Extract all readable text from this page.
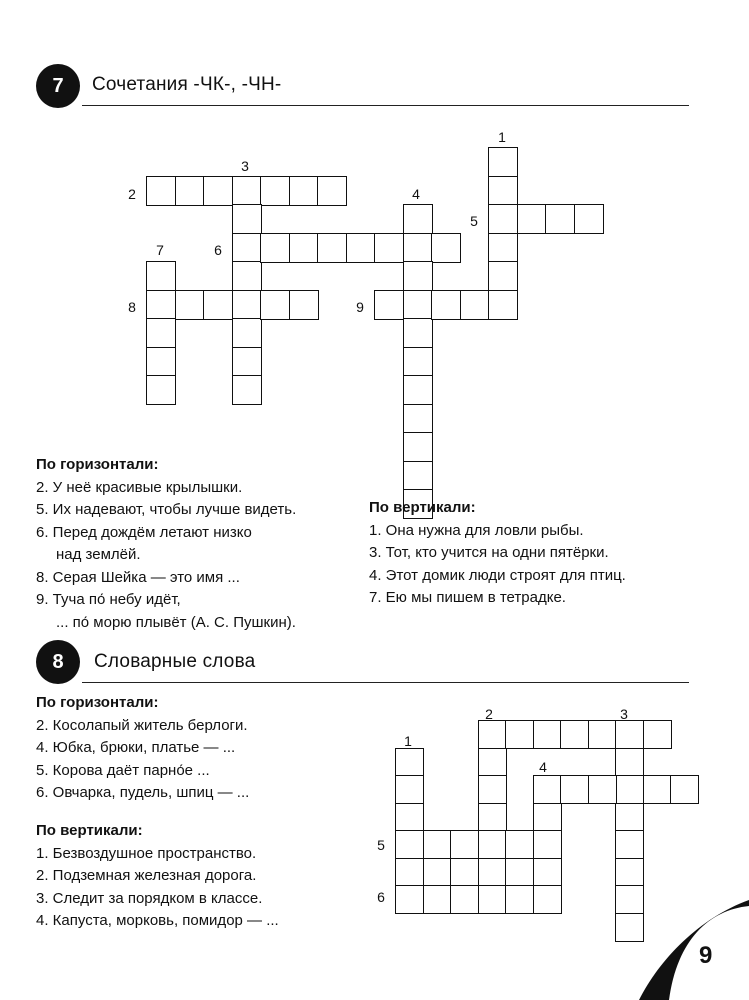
7 Сочетания -ЧК-, -ЧН-
1
2
3
4
5
6
7
8	9
По горизонтали:
2. У неё красивые крылышки.
5. Их надевают, чтобы лучше видеть.
6. Перед дождём летают низко
над землёй.
8. Серая Шейка — это имя ...
9. Туча по́ небу идёт,
... по́ морю плывёт (А. С. Пушкин).
По вертикали:
1. Она нужна для ловли рыбы.
3. Тот, кто учится на одни пятёрки.
4. Этот домик люди строят для птиц.
7. Ею мы пишем в тетрадке.
8 Словарные слова
1
2	3
4
5
6
По горизонтали:
2. Косолапый житель берлоги.
4. Юбка, брюки, платье — ...
5. Корова даёт парно́е ...
6. Овчарка, пудель, шпиц — ...
По вертикали:
1. Безвоздушное пространство.
2. Подземная железная дорога.
3. Следит за порядком в классе.
4. Капуста, морковь, помидор — ...
9
